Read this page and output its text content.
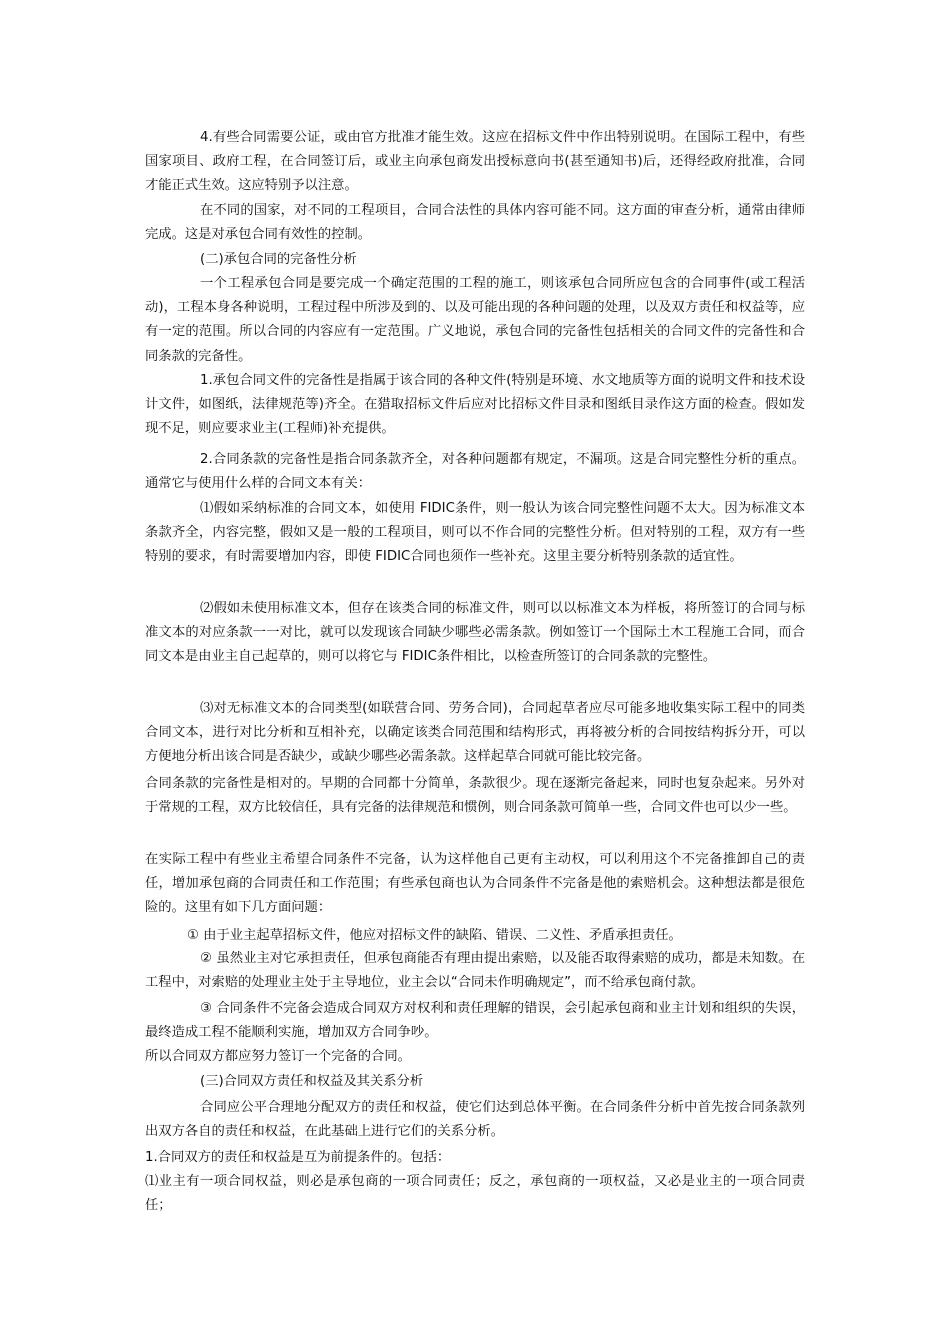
4.有些合同需要公证，或由官方批准才能生效。这应在招标文件中作出特别说明。在国际工程中，有些国家项目、政府工程，在合同签订后，或业主向承包商发出授标意向书(甚至通知书)后，还得经政府批准，合同才能正式生效。这应特别予以注意。

在不同的国家，对不同的工程项目，合同合法性的具体内容可能不同。这方面的审查分析，通常由律师完成。这是对承包合同有效性的控制。

(二)承包合同的完备性分析

一个工程承包合同是要完成一个确定范围的工程的施工，则该承包合同所应包含的合同事件(或工程活动)，工程本身各种说明，工程过程中所涉及到的、以及可能出现的各种问题的处理，以及双方责任和权益等，应有一定的范围。所以合同的内容应有一定范围。广义地说，承包合同的完备性包括相关的合同文件的完备性和合同条款的完备性。

1.承包合同文件的完备性是指属于该合同的各种文件(特别是环境、水文地质等方面的说明文件和技术设计文件，如图纸，法律规范等)齐全。在猎取招标文件后应对比招标文件目录和图纸目录作这方面的检查。假如发现不足，则应要求业主(工程师)补充提供。

2.合同条款的完备性是指合同条款齐全，对各种问题都有规定，不漏项。这是合同完整性分析的重点。通常它与使用什么样的合同文本有关：

⑴假如采纳标准的合同文本，如使用 FIDIC条件，则一般认为该合同完整性问题不太大。因为标准文本条款齐全，内容完整，假如又是一般的工程项目，则可以不作合同的完整性分析。但对特别的工程，双方有一些特别的要求，有时需要增加内容，即使 FIDIC合同也须作一些补充。这里主要分析特别条款的适宜性。

⑵假如未使用标准文本，但存在该类合同的标准文件，则可以以标准文本为样板，将所签订的合同与标准文本的对应条款一一对比，就可以发现该合同缺少哪些必需条款。例如签订一个国际土木工程施工合同，而合同文本是由业主自己起草的，则可以将它与 FIDIC条件相比，以检查所签订的合同条款的完整性。

⑶对无标准文本的合同类型(如联营合同、劳务合同)，合同起草者应尽可能多地收集实际工程中的同类合同文本，进行对比分析和互相补充，以确定该类合同范围和结构形式，再将被分析的合同按结构拆分开，可以方便地分析出该合同是否缺少，或缺少哪些必需条款。这样起草合同就可能比较完备。

合同条款的完备性是相对的。早期的合同都十分简单，条款很少。现在逐渐完备起来，同时也复杂起来。另外对于常规的工程，双方比较信任，具有完备的法律规范和惯例，则合同条款可简单一些，合同文件也可以少一些。

在实际工程中有些业主希望合同条件不完备，认为这样他自己更有主动权，可以利用这个不完备推卸自己的责任，增加承包商的合同责任和工作范围；有些承包商也认为合同条件不完备是他的索赔机会。这种想法都是很危险的。这里有如下几方面问题：

① 由于业主起草招标文件，他应对招标文件的缺陷、错误、二义性、矛盾承担责任。

② 虽然业主对它承担责任，但承包商能否有理由提出索赔，以及能否取得索赔的成功，都是未知数。在工程中，对索赔的处理业主处于主导地位，业主会以“合同未作明确规定”，而不给承包商付款。

③ 合同条件不完备会造成合同双方对权利和责任理解的错误，会引起承包商和业主计划和组织的失误，最终造成工程不能顺利实施，增加双方合同争吵。

所以合同双方都应努力签订一个完备的合同。

(三)合同双方责任和权益及其关系分析

合同应公平合理地分配双方的责任和权益，使它们达到总体平衡。在合同条件分析中首先按合同条款列出双方各自的责任和权益，在此基础上进行它们的关系分析。

1.合同双方的责任和权益是互为前提条件的。包括：

⑴业主有一项合同权益，则必是承包商的一项合同责任；反之，承包商的一项权益，又必是业主的一项合同责任；
